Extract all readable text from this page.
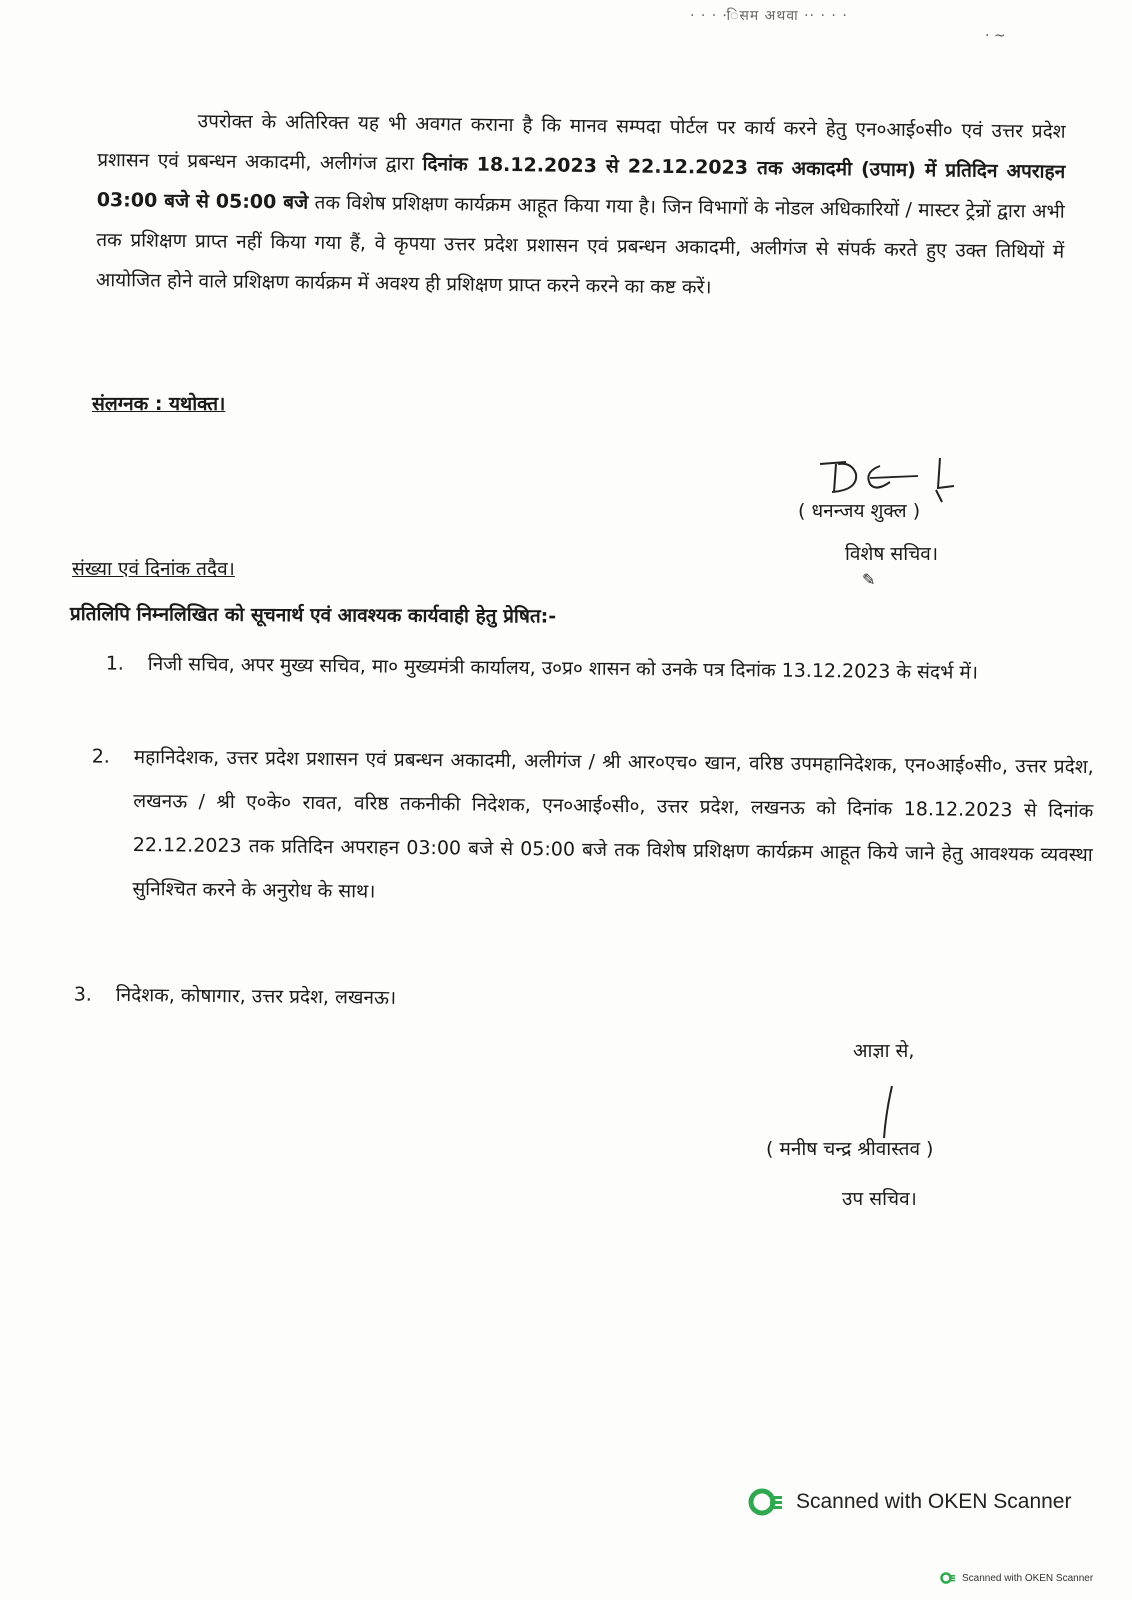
· · · ·िसम अथवा ·· · · ·
· ~
उपरोक्त के अतिरिक्त यह भी अवगत कराना है कि मानव सम्पदा पोर्टल पर कार्य करने हेतु एन०आई०सी० एवं उत्तर प्रदेश प्रशासन एवं प्रबन्धन अकादमी, अलीगंज द्वारा दिनांक 18.12.2023 से 22.12.2023 तक अकादमी (उपाम) में प्रतिदिन अपराहन 03:00 बजे से 05:00 बजे तक विशेष प्रशिक्षण कार्यक्रम आहूत किया गया है। जिन विभागों के नोडल अधिकारियों / मास्टर ट्रेन्रों द्वारा अभी तक प्रशिक्षण प्राप्त नहीं किया गया हैं, वे कृपया उत्तर प्रदेश प्रशासन एवं प्रबन्धन अकादमी, अलीगंज से संपर्क करते हुए उक्त तिथियों में आयोजित होने वाले प्रशिक्षण कार्यक्रम में अवश्य ही प्रशिक्षण प्राप्त करने करने का कष्ट करें।
संलग्नक : यथोक्त।
( धनन्जय शुक्ल )
विशेष सचिव।
✎
संख्या एवं दिनांक तदैव।
प्रतिलिपि निम्नलिखित को सूचनार्थ एवं आवश्यक कार्यवाही हेतु प्रेषित:-
1. निजी सचिव, अपर मुख्य सचिव, मा० मुख्यमंत्री कार्यालय, उ०प्र० शासन को उनके पत्र दिनांक 13.12.2023 के संदर्भ में।
2. महानिदेशक, उत्तर प्रदेश प्रशासन एवं प्रबन्धन अकादमी, अलीगंज / श्री आर०एच० खान, वरिष्ठ उपमहानिदेशक, एन०आई०सी०, उत्तर प्रदेश, लखनऊ / श्री ए०के० रावत, वरिष्ठ तकनीकी निदेशक, एन०आई०सी०, उत्तर प्रदेश, लखनऊ को दिनांक 18.12.2023 से दिनांक 22.12.2023 तक प्रतिदिन अपराहन 03:00 बजे से 05:00 बजे तक विशेष प्रशिक्षण कार्यक्रम आहूत किये जाने हेतु आवश्यक व्यवस्था सुनिश्चित करने के अनुरोध के साथ।
3. निदेशक, कोषागार, उत्तर प्रदेश, लखनऊ।
आज्ञा से,
( मनीष चन्द्र श्रीवास्तव )
उप सचिव।
Scanned with OKEN Scanner
Scanned with OKEN Scanner
